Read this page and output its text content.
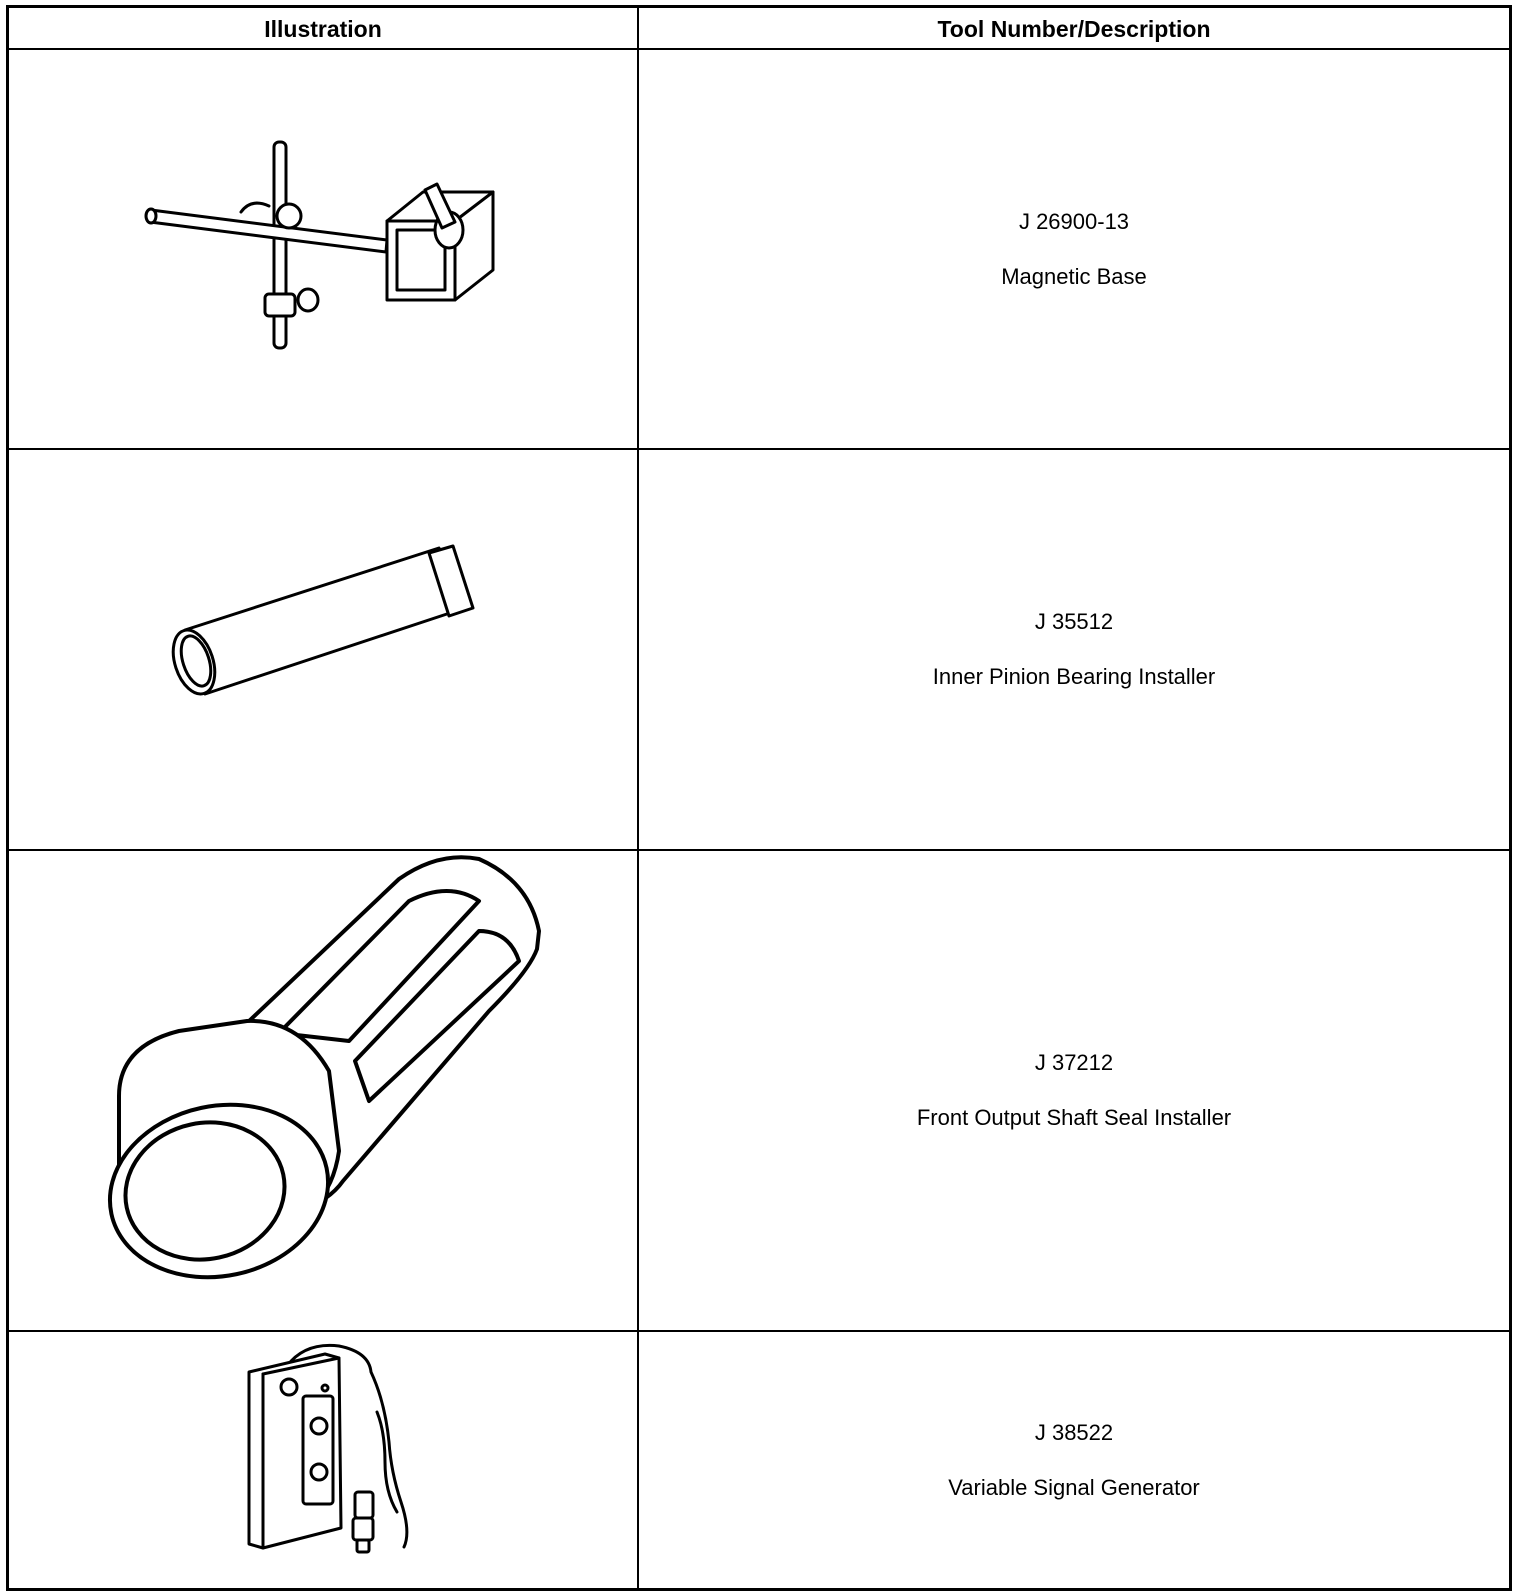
Illustration	Tool Number/Description
J 26900-13
Magnetic Base
J 35512
Inner Pinion Bearing Installer
J 37212
Front Output Shaft Seal Installer
J 38522
Variable Signal Generator
